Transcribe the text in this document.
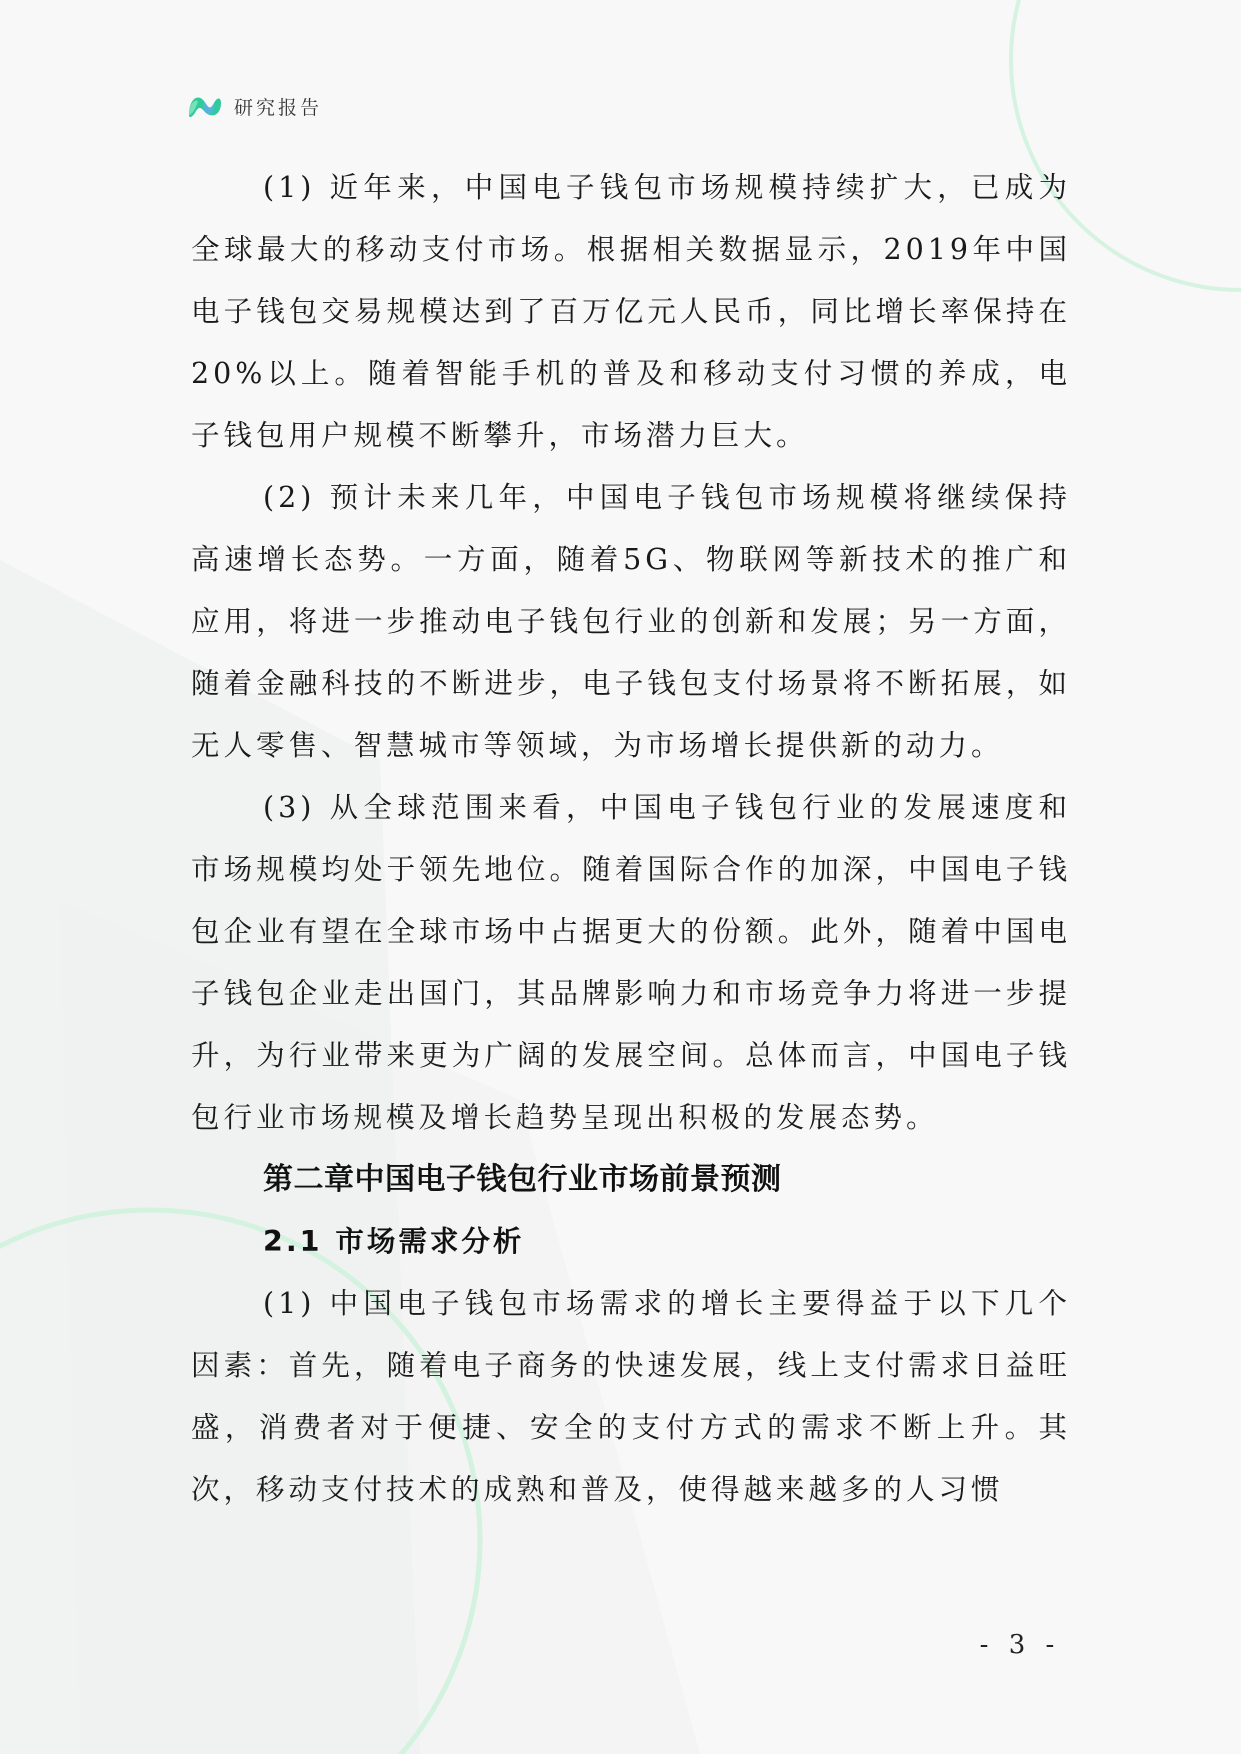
研究报告

(1) 近年来，中国电子钱包市场规模持续扩大，已成为全球最大的移动支付市场。根据相关数据显示，2019年中国电子钱包交易规模达到了百万亿元人民币，同比增长率保持在20%以上。随着智能手机的普及和移动支付习惯的养成，电子钱包用户规模不断攀升，市场潜力巨大。

(2) 预计未来几年，中国电子钱包市场规模将继续保持高速增长态势。一方面，随着5G、物联网等新技术的推广和应用，将进一步推动电子钱包行业的创新和发展；另一方面，随着金融科技的不断进步，电子钱包支付场景将不断拓展，如无人零售、智慧城市等领域，为市场增长提供新的动力。

(3) 从全球范围来看，中国电子钱包行业的发展速度和市场规模均处于领先地位。随着国际合作的加深，中国电子钱包企业有望在全球市场中占据更大的份额。此外，随着中国电子钱包企业走出国门，其品牌影响力和市场竞争力将进一步提升，为行业带来更为广阔的发展空间。总体而言，中国电子钱包行业市场规模及增长趋势呈现出积极的发展态势。

第二章中国电子钱包行业市场前景预测
2.1 市场需求分析

(1) 中国电子钱包市场需求的增长主要得益于以下几个因素：首先，随着电子商务的快速发展，线上支付需求日益旺盛，消费者对于便捷、安全的支付方式的需求不断上升。其次，移动支付技术的成熟和普及，使得越来越多的人习惯

- 3 -
